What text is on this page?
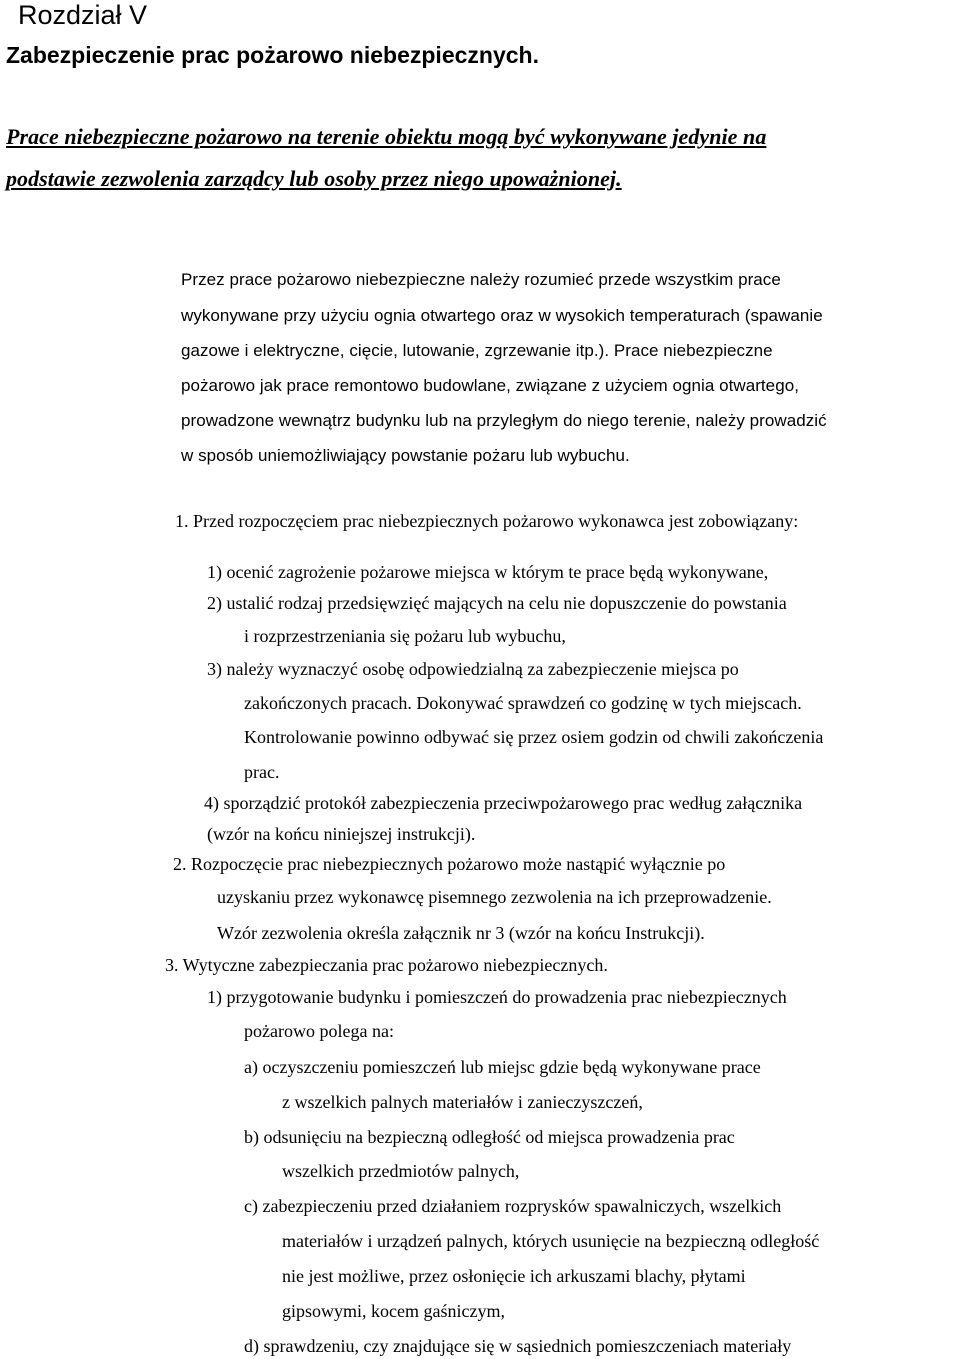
Rozdział V
Zabezpieczenie prac pożarowo niebezpiecznych.
Prace niebezpieczne pożarowo na terenie obiektu mogą być wykonywane jedynie na
podstawie zezwolenia zarządcy lub osoby przez niego upoważnionej.
Przez prace pożarowo niebezpieczne należy rozumieć przede wszystkim prace
wykonywane przy użyciu ognia otwartego oraz w wysokich temperaturach (spawanie
gazowe i elektryczne, cięcie, lutowanie, zgrzewanie itp.). Prace niebezpieczne
pożarowo jak prace remontowo budowlane, związane z użyciem ognia otwartego,
prowadzone wewnątrz budynku lub na przyległym do niego terenie, należy prowadzić
w sposób uniemożliwiający powstanie pożaru lub wybuchu.
1. Przed rozpoczęciem prac niebezpiecznych pożarowo wykonawca jest zobowiązany:
1) ocenić zagrożenie pożarowe miejsca w którym te prace będą wykonywane,
2) ustalić rodzaj przedsięwzięć mających na celu nie dopuszczenie do powstania
i rozprzestrzeniania się pożaru lub wybuchu,
3) należy wyznaczyć osobę odpowiedzialną za zabezpieczenie miejsca po
zakończonych pracach. Dokonywać sprawdzeń co godzinę w tych miejscach.
Kontrolowanie powinno odbywać się przez osiem godzin od chwili zakończenia
prac.
4) sporządzić protokół zabezpieczenia przeciwpożarowego prac według załącznika
(wzór na końcu niniejszej instrukcji).
2. Rozpoczęcie prac niebezpiecznych pożarowo może nastąpić wyłącznie po
uzyskaniu przez wykonawcę pisemnego zezwolenia na ich przeprowadzenie.
Wzór zezwolenia określa załącznik nr 3 (wzór na końcu Instrukcji).
3. Wytyczne zabezpieczania prac pożarowo niebezpiecznych.
1) przygotowanie budynku i pomieszczeń do prowadzenia prac niebezpiecznych
pożarowo polega na:
a) oczyszczeniu pomieszczeń lub miejsc gdzie będą wykonywane prace
z wszelkich palnych materiałów i zanieczyszczeń,
b) odsunięciu na bezpieczną odległość od miejsca prowadzenia prac
wszelkich przedmiotów palnych,
c) zabezpieczeniu przed działaniem rozprysków spawalniczych, wszelkich
materiałów i urządzeń palnych, których usunięcie na bezpieczną odległość
nie jest możliwe, przez osłonięcie ich arkuszami blachy, płytami
gipsowymi, kocem gaśniczym,
d) sprawdzeniu, czy znajdujące się w sąsiednich pomieszczeniach materiały
